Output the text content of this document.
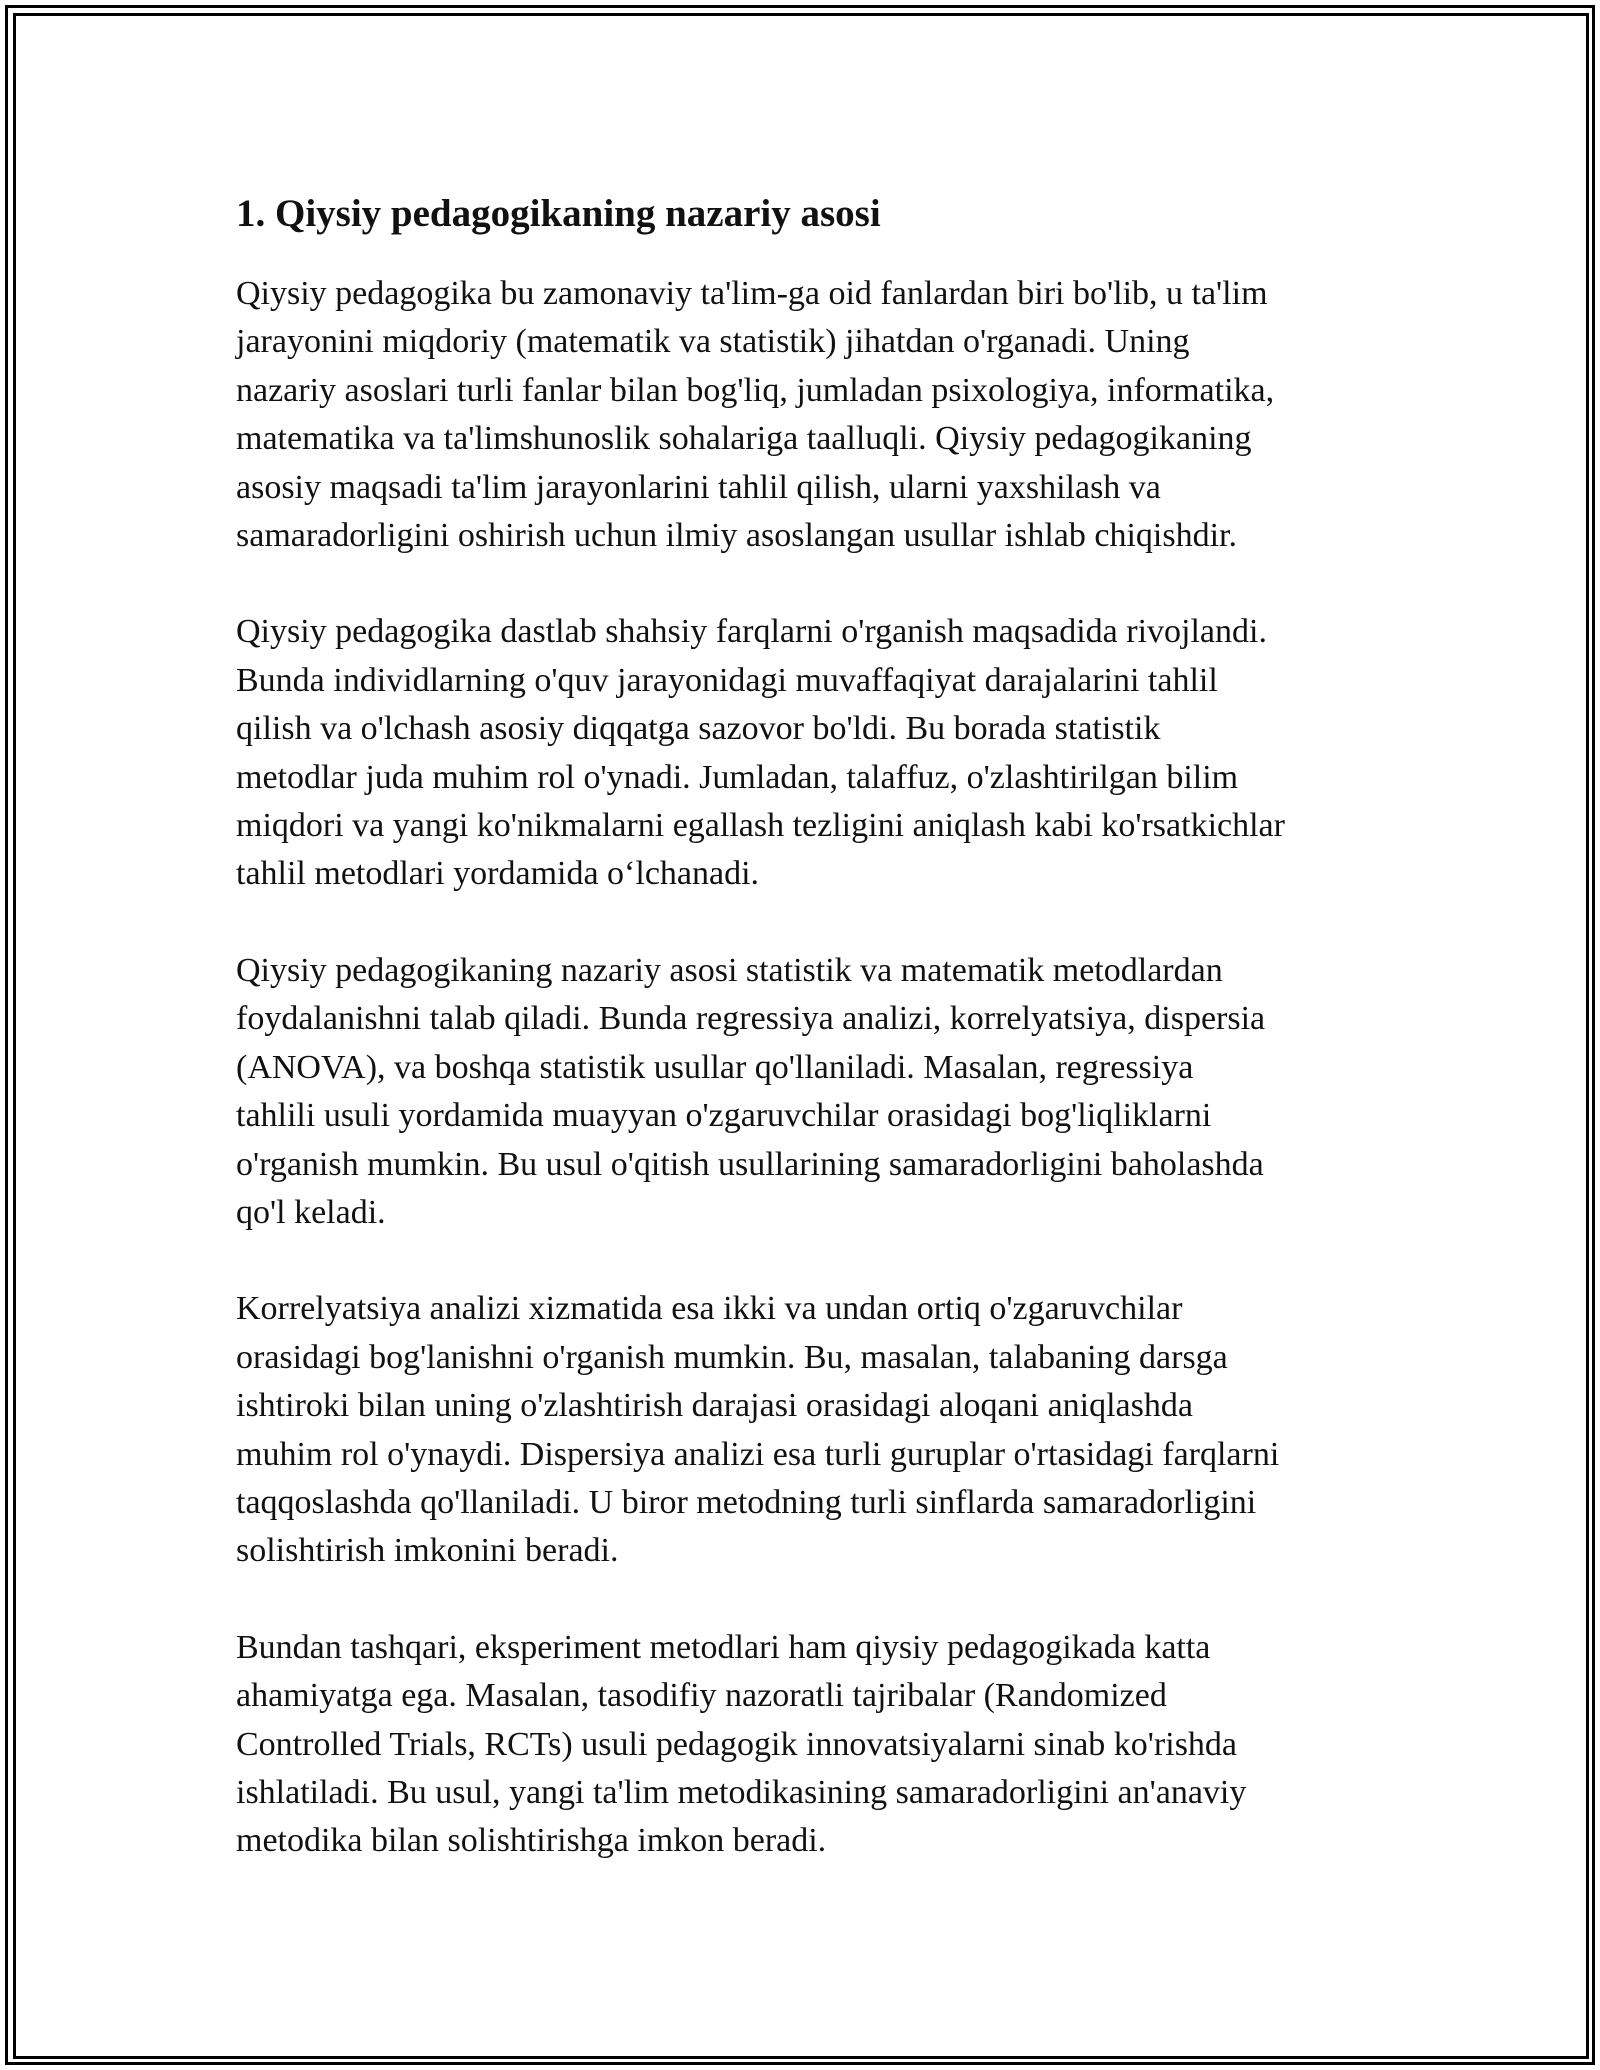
1. Qiysiy pedagogikaning nazariy asosi

Qiysiy pedagogika bu zamonaviy ta'lim-ga oid fanlardan biri bo'lib, u ta'lim
jarayonini miqdoriy (matematik va statistik) jihatdan o'rganadi. Uning
nazariy asoslari turli fanlar bilan bog'liq, jumladan psixologiya, informatika,
matematika va ta'limshunoslik sohalariga taalluqli. Qiysiy pedagogikaning
asosiy maqsadi ta'lim jarayonlarini tahlil qilish, ularni yaxshilash va
samaradorligini oshirish uchun ilmiy asoslangan usullar ishlab chiqishdir.

Qiysiy pedagogika dastlab shahsiy farqlarni o'rganish maqsadida rivojlandi.
Bunda individlarning o'quv jarayonidagi muvaffaqiyat darajalarini tahlil
qilish va o'lchash asosiy diqqatga sazovor bo'ldi. Bu borada statistik
metodlar juda muhim rol o'ynadi. Jumladan, talaffuz, o'zlashtirilgan bilim
miqdori va yangi ko'nikmalarni egallash tezligini aniqlash kabi ko'rsatkichlar
tahlil metodlari yordamida o‘lchanadi.

Qiysiy pedagogikaning nazariy asosi statistik va matematik metodlardan
foydalanishni talab qiladi. Bunda regressiya analizi, korrelyatsiya, dispersia
(ANOVA), va boshqa statistik usullar qo'llaniladi. Masalan, regressiya
tahlili usuli yordamida muayyan o'zgaruvchilar orasidagi bog'liqliklarni
o'rganish mumkin. Bu usul o'qitish usullarining samaradorligini baholashda
qo'l keladi.

Korrelyatsiya analizi xizmatida esa ikki va undan ortiq o'zgaruvchilar
orasidagi bog'lanishni o'rganish mumkin. Bu, masalan, talabaning darsga
ishtiroki bilan uning o'zlashtirish darajasi orasidagi aloqani aniqlashda
muhim rol o'ynaydi. Dispersiya analizi esa turli guruplar o'rtasidagi farqlarni
taqqoslashda qo'llaniladi. U biror metodning turli sinflarda samaradorligini
solishtirish imkonini beradi.

Bundan tashqari, eksperiment metodlari ham qiysiy pedagogikada katta
ahamiyatga ega. Masalan, tasodifiy nazoratli tajribalar (Randomized
Controlled Trials, RCTs) usuli pedagogik innovatsiyalarni sinab ko'rishda
ishlatiladi. Bu usul, yangi ta'lim metodikasining samaradorligini an'anaviy
metodika bilan solishtirishga imkon beradi.
